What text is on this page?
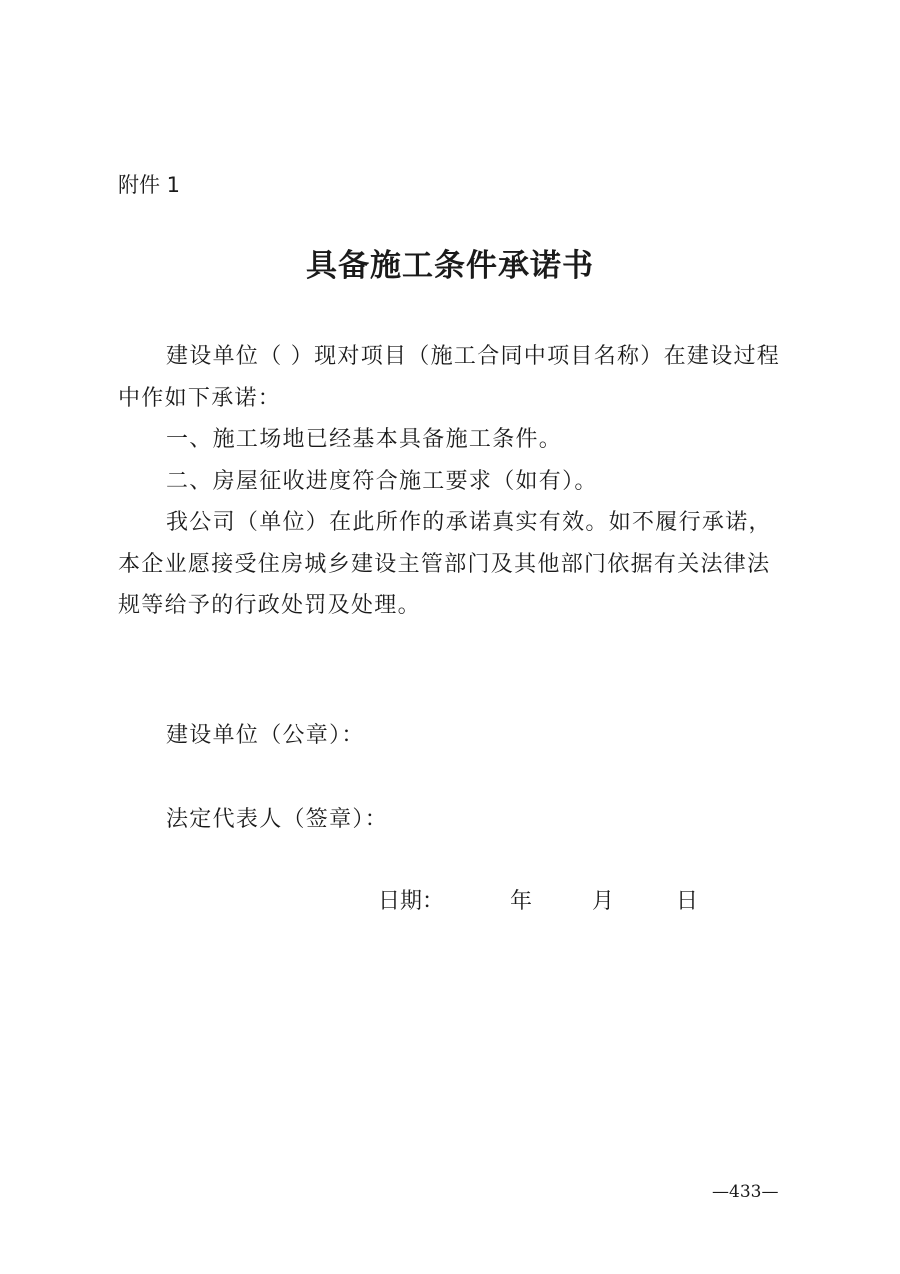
附件 1
具备施工条件承诺书

建设单位（ ）现对项目（施工合同中项目名称）在建设过程中作如下承诺：

一、施工场地已经基本具备施工条件。

二、房屋征收进度符合施工要求（如有）。

我公司（单位）在此所作的承诺真实有效。如不履行承诺，本企业愿接受住房城乡建设主管部门及其他部门依据有关法律法规等给予的行政处罚及处理。

建设单位（公章）：
法定代表人（签章）：
日期：	年	月	日
—433—
